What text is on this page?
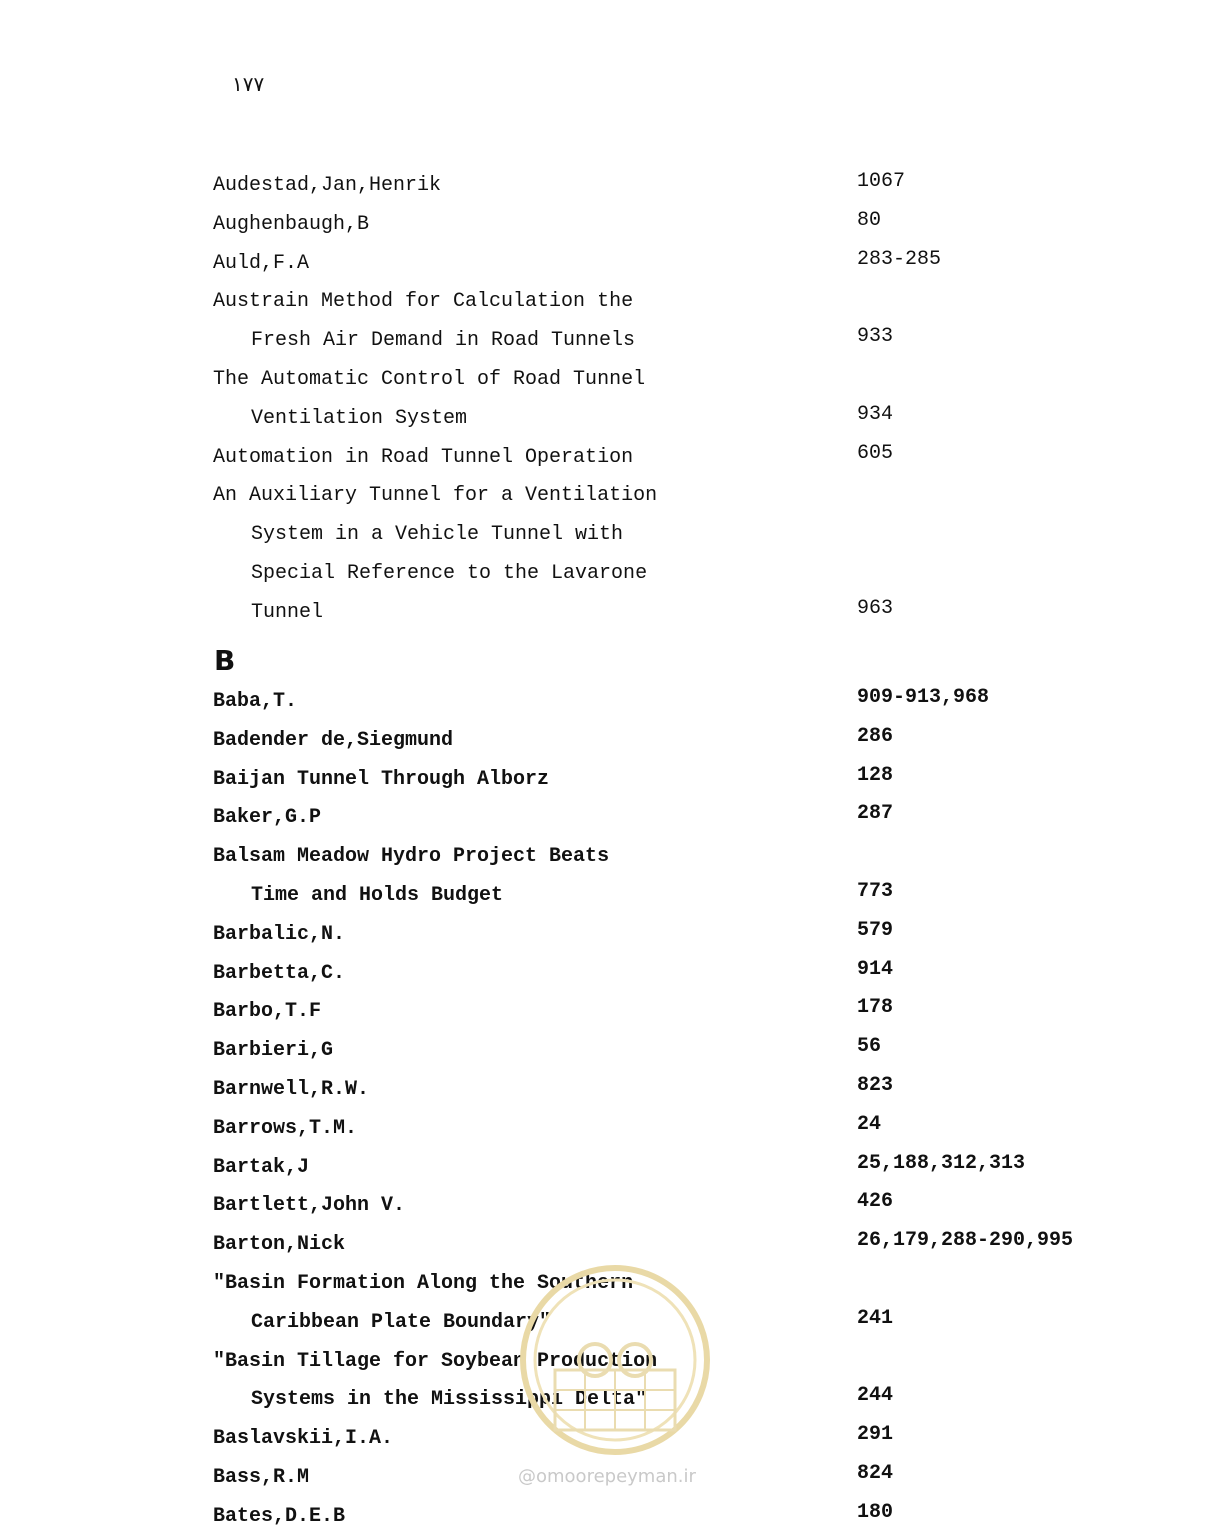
١٧٧
Audestad,Jan,Henrik	1067
Aughenbaugh,B	80
Auld,F.A	283-285
Austrain Method for Calculation the
Fresh Air Demand in Road Tunnels	933
The Automatic Control of Road Tunnel
Ventilation System	934
Automation in Road Tunnel Operation	605
An Auxiliary Tunnel for a Ventilation
System in a Vehicle Tunnel with
Special Reference to the Lavarone
Tunnel	963
B
Baba,T.	909-913,968
Badender de,Siegmund	286
Baijan Tunnel Through Alborz	128
Baker,G.P	287
Balsam Meadow Hydro Project Beats
Time and Holds Budget	773
Barbalic,N.	579
Barbetta,C.	914
Barbo,T.F	178
Barbieri,G	56
Barnwell,R.W.	823
Barrows,T.M.	24
Bartak,J	25,188,312,313
Bartlett,John V.	426
Barton,Nick	26,179,288-290,995
"Basin Formation Along the Southern
Caribbean Plate Boundary"	241
"Basin Tillage for Soybean Production
Systems in the Mississippi Delta"	244
Baslavskii,I.A.	291
Bass,R.M	824
Bates,D.E.B	180
@omoorepeyman.ir
